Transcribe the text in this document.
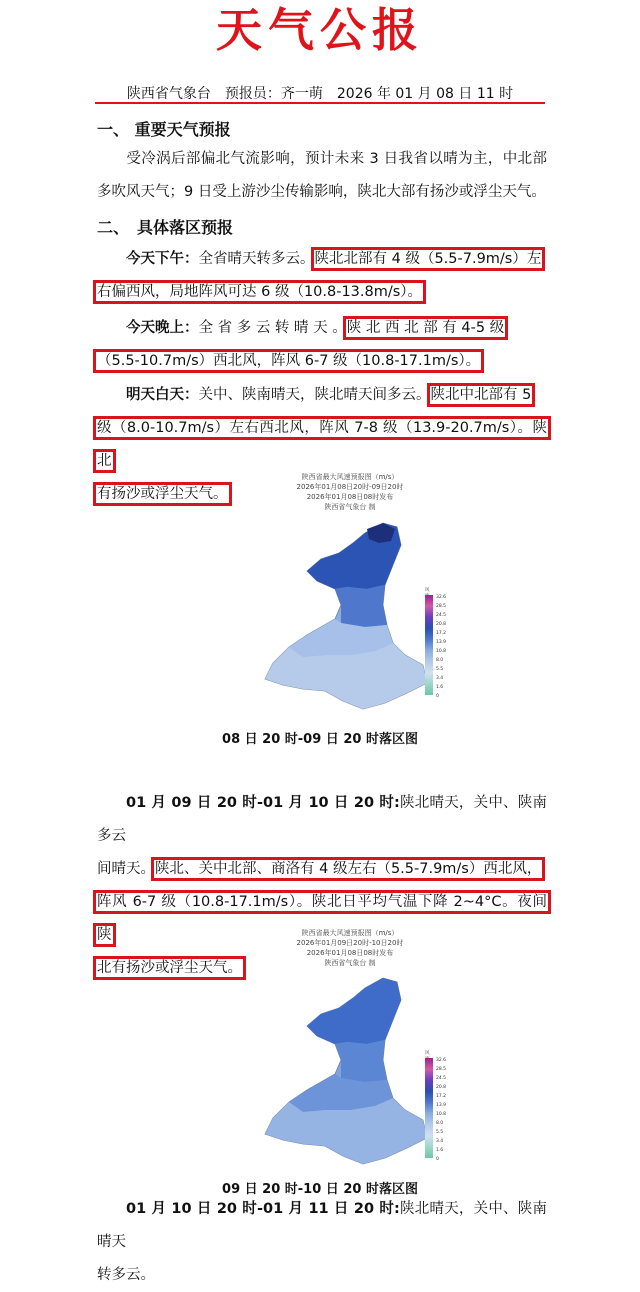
天气公报
陕西省气象台　预报员：齐一萌　2026 年 01 月 08 日 11 时
一、 重要天气预报
受冷涡后部偏北气流影响，预计未来 3 日我省以晴为主，中北部多吹风天气；9 日受上游沙尘传输影响，陕北大部有扬沙或浮尘天气。
二、　具体落区预报
今天下午：全省晴天转多云。陕北北部有 4 级（5.5-7.9m/s）左
右偏西风，局地阵风可达 6 级（10.8-13.8m/s）。
今天晚上：全 省 多 云 转 晴 天 。陕 北 西 北 部 有 4-5 级
（5.5-10.7m/s）西北风，阵风 6-7 级（10.8-17.1m/s）。
明天白天：关中、陕南晴天，陕北晴天间多云。陕北中北部有 5
级（8.0-10.7m/s）左右西北风，阵风 7-8 级（13.9-20.7m/s）。陕北
有扬沙或浮尘天气。
陕西省最大风速预报图（m/s）
2026年01月08日20时-09日20时
2026年01月08日08时发布
陕西省气象台 制
风
32.6
28.5
24.5
20.8
17.2
13.9
10.8
8.0
5.5
3.4
1.6
0
08 日 20 时-09 日 20 时落区图
01 月 09 日 20 时-01 月 10 日 20 时:陕北晴天，关中、陕南多云
间晴天。陕北、关中北部、商洛有 4 级左右（5.5-7.9m/s）西北风，
阵风 6-7 级（10.8-17.1m/s）。陕北日平均气温下降 2~4°C。夜间陕
北有扬沙或浮尘天气。
陕西省最大风速预报图（m/s）
2026年01月09日20时-10日20时
2026年01月08日08时发布
陕西省气象台 制
风
32.6
28.5
24.5
20.8
17.2
13.9
10.8
8.0
5.5
3.4
1.6
0
09 日 20 时-10 日 20 时落区图
01 月 10 日 20 时-01 月 11 日 20 时:陕北晴天，关中、陕南晴天
转多云。
